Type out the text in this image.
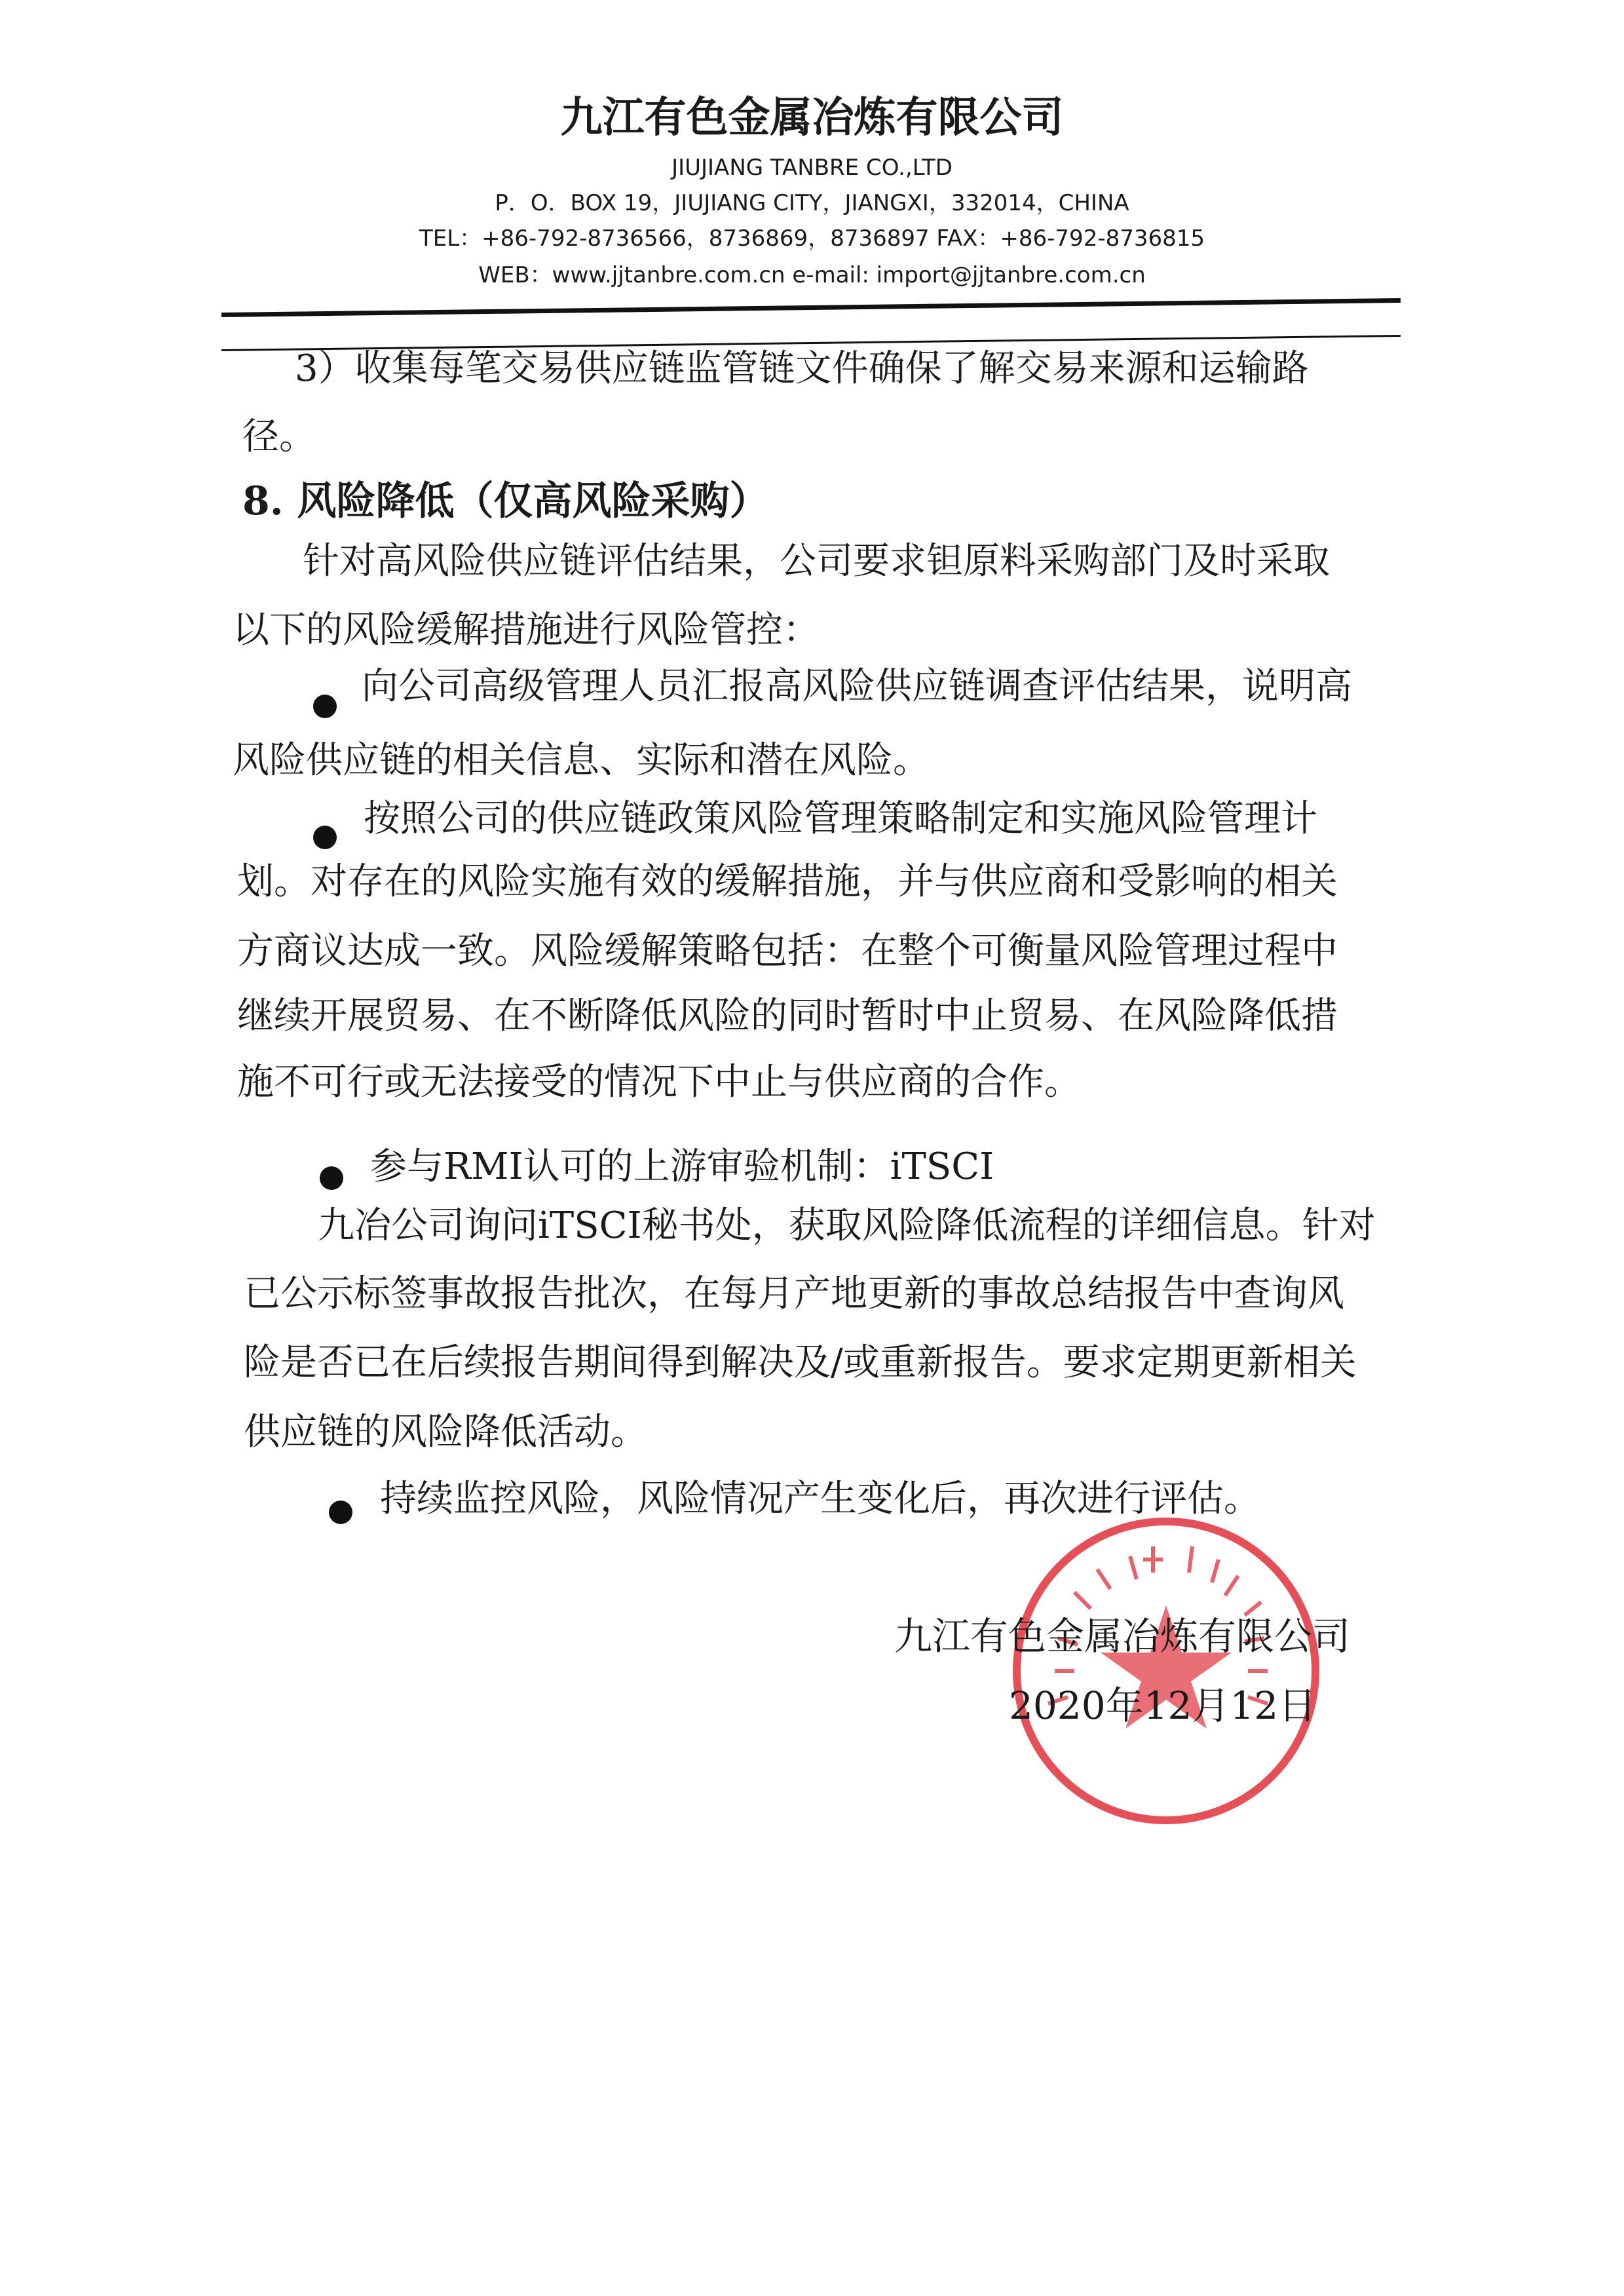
九江有色金属冶炼有限公司
JIUJIANG TANBRE CO.,LTD
P．O．BOX 19，JIUJIANG CITY，JIANGXI，332014，CHINA
TEL：+86-792-8736566，8736869，8736897 FAX：+86-792-8736815
WEB：www.jjtanbre.com.cn e-mail: import@jjtanbre.com.cn
3）收集每笔交易供应链监管链文件确保了解交易来源和运输路
径。
8. 风险降低（仅高风险采购）
针对高风险供应链评估结果，公司要求钽原料采购部门及时采取
以下的风险缓解措施进行风险管控：
向公司高级管理人员汇报高风险供应链调查评估结果，说明高
风险供应链的相关信息、实际和潜在风险。
按照公司的供应链政策风险管理策略制定和实施风险管理计
划。对存在的风险实施有效的缓解措施，并与供应商和受影响的相关
方商议达成一致。风险缓解策略包括：在整个可衡量风险管理过程中
继续开展贸易、在不断降低风险的同时暂时中止贸易、在风险降低措
施不可行或无法接受的情况下中止与供应商的合作。
参与RMI认可的上游审验机制：iTSCI
九冶公司询问iTSCI秘书处，获取风险降低流程的详细信息。针对
已公示标签事故报告批次，在每月产地更新的事故总结报告中查询风
险是否已在后续报告期间得到解决及/或重新报告。要求定期更新相关
供应链的风险降低活动。
持续监控风险，风险情况产生变化后，再次进行评估。
九江有色金属冶炼有限公司
2020年12月12日
